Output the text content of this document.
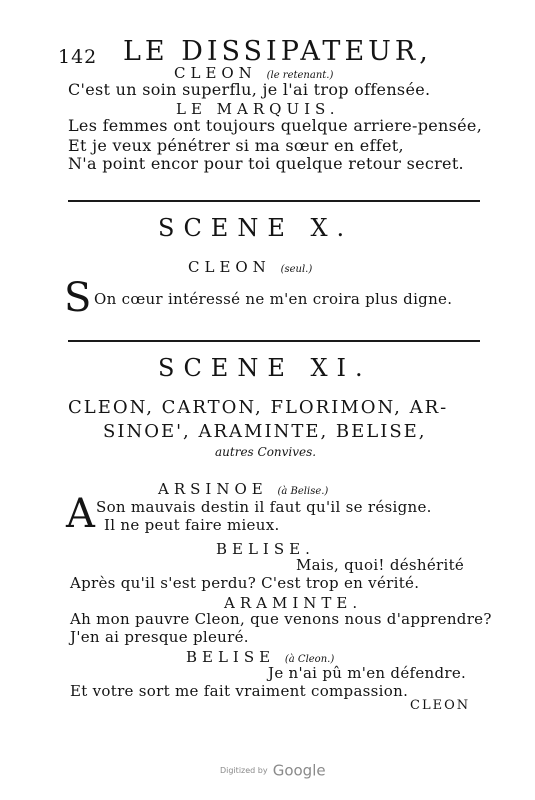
142 LE DISSIPATEUR,
CLEON (le retenant.)
C'est un soin superflu, je l'ai trop offensée.
LE MARQUIS.
Les femmes ont toujours quelque arriere-pensée,
Et je veux pénétrer si ma sœur en effet,
N'a point encor pour toi quelque retour secret.
SCENE X.
CLEON (seul.)
S On cœur intéressé ne m'en croira plus digne.
SCENE XI.
CLEON, CARTON, FLORIMON, AR-
SINOE', ARAMINTE, BELISE,
autres Convives.
ARSINOE (à Belise.)
A Son mauvais destin il faut qu'il se résigne.
Il ne peut faire mieux.
BELISE.
Mais, quoi! déshérité
Après qu'il s'est perdu? C'est trop en vérité.
ARAMINTE.
Ah mon pauvre Cleon, que venons nous d'apprendre?
J'en ai presque pleuré.
BELISE (à Cleon.)
Je n'ai pû m'en défendre.
Et votre sort me fait vraiment compassion.
CLEON
Digitized by Google
